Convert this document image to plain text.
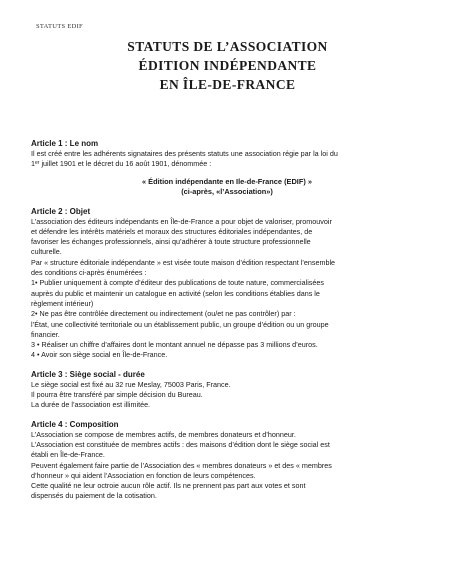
STATUTS EDIF
STATUTS DE L’ASSOCIATION
ÉDITION INDÉPENDANTE
EN ÎLE-DE-FRANCE
Article 1 : Le nom
Il est créé entre les adhérents signataires des présents statuts une association régie par la loi du
1er juillet 1901 et le décret du 16 août 1901, dénommée :
« Édition indépendante en Ile-de-France (EDIF) »
(ci-après, «l’Association»)
Article 2 : Objet
L’association des éditeurs indépendants en Île-de-France a pour objet de valoriser, promouvoir
et défendre les intérêts matériels et moraux des structures éditoriales indépendantes, de
favoriser les échanges professionnels, ainsi qu’adhérer à toute structure professionnelle
culturelle.
Par « structure éditoriale indépendante » est visée toute maison d’édition respectant l’ensemble
des conditions ci-après énumérées :
1• Publier uniquement à compte d’éditeur des publications de toute nature, commercialisées
auprès du public et maintenir un catalogue en activité (selon les conditions établies dans le
règlement intérieur)
2• Ne pas être contrôlée directement ou indirectement (ou/et ne pas contrôler) par :
l’État, une collectivité territoriale ou un établissement public, un groupe d’édition ou un groupe
financier.
3 • Réaliser un chiffre d’affaires dont le montant annuel ne dépasse pas 3 millions d’euros.
4 • Avoir son siège social en Île-de-France.
Article 3 : Siège social - durée
Le siège social est fixé au 32 rue Meslay, 75003 Paris, France.
Il pourra être transféré par simple décision du Bureau.
La durée de l’association est illimitée.
Article 4 : Composition
L’Association se compose de membres actifs, de membres donateurs et d’honneur.
L’Association est constituée de membres actifs : des maisons d’édition dont le siège social est
établi en Île-de-France.
Peuvent également faire partie de l’Association des « membres donateurs » et des « membres
d’honneur » qui aident l’Association en fonction de leurs compétences.
Cette qualité ne leur octroie aucun rôle actif. Ils ne prennent pas part aux votes et sont
dispensés du paiement de la cotisation.
